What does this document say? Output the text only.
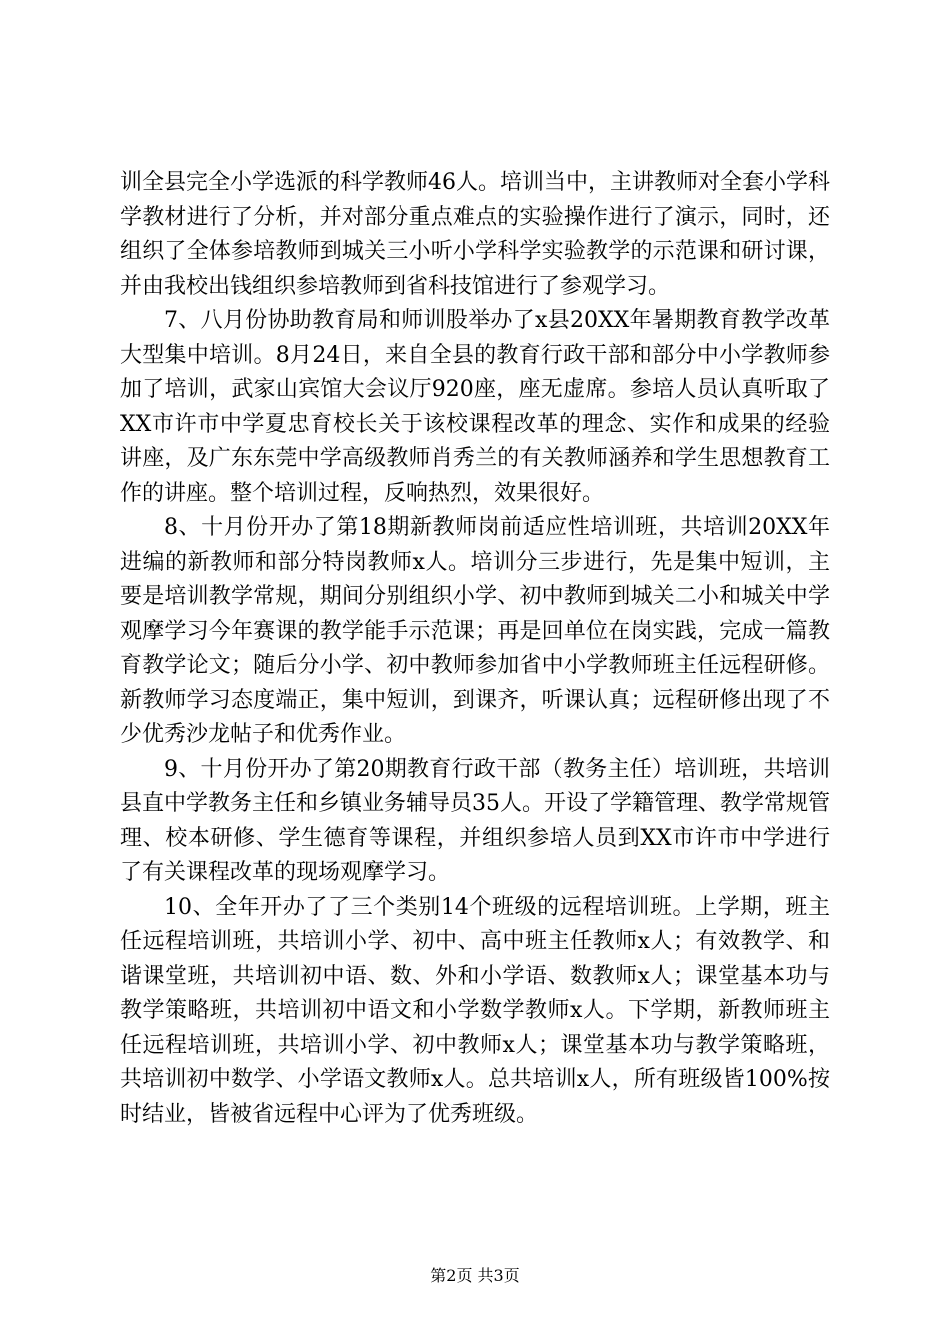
训全县完全小学选派的科学教师46人。培训当中，主讲教师对全套小学科学教材进行了分析，并对部分重点难点的实验操作进行了演示，同时，还组织了全体参培教师到城关三小听小学科学实验教学的示范课和研讨课，并由我校出钱组织参培教师到省科技馆进行了参观学习。

7、八月份协助教育局和师训股举办了x县20XX年暑期教育教学改革大型集中培训。8月24日，来自全县的教育行政干部和部分中小学教师参加了培训，武家山宾馆大会议厅920座，座无虚席。参培人员认真听取了XX市许市中学夏忠育校长关于该校课程改革的理念、实作和成果的经验讲座，及广东东莞中学高级教师肖秀兰的有关教师涵养和学生思想教育工作的讲座。整个培训过程，反响热烈，效果很好。

8、十月份开办了第18期新教师岗前适应性培训班，共培训20XX年进编的新教师和部分特岗教师x人。培训分三步进行，先是集中短训，主要是培训教学常规，期间分别组织小学、初中教师到城关二小和城关中学观摩学习今年赛课的教学能手示范课；再是回单位在岗实践，完成一篇教育教学论文；随后分小学、初中教师参加省中小学教师班主任远程研修。新教师学习态度端正，集中短训，到课齐，听课认真；远程研修出现了不少优秀沙龙帖子和优秀作业。

9、十月份开办了第20期教育行政干部（教务主任）培训班，共培训县直中学教务主任和乡镇业务辅导员35人。开设了学籍管理、教学常规管理、校本研修、学生德育等课程，并组织参培人员到XX市许市中学进行了有关课程改革的现场观摩学习。

10、全年开办了了三个类别14个班级的远程培训班。上学期，班主任远程培训班，共培训小学、初中、高中班主任教师x人；有效教学、和谐课堂班，共培训初中语、数、外和小学语、数教师x人；课堂基本功与教学策略班，共培训初中语文和小学数学教师x人。下学期，新教师班主任远程培训班，共培训小学、初中教师x人；课堂基本功与教学策略班，共培训初中数学、小学语文教师x人。总共培训x人，所有班级皆100%按时结业，皆被省远程中心评为了优秀班级。

第2页 共3页
